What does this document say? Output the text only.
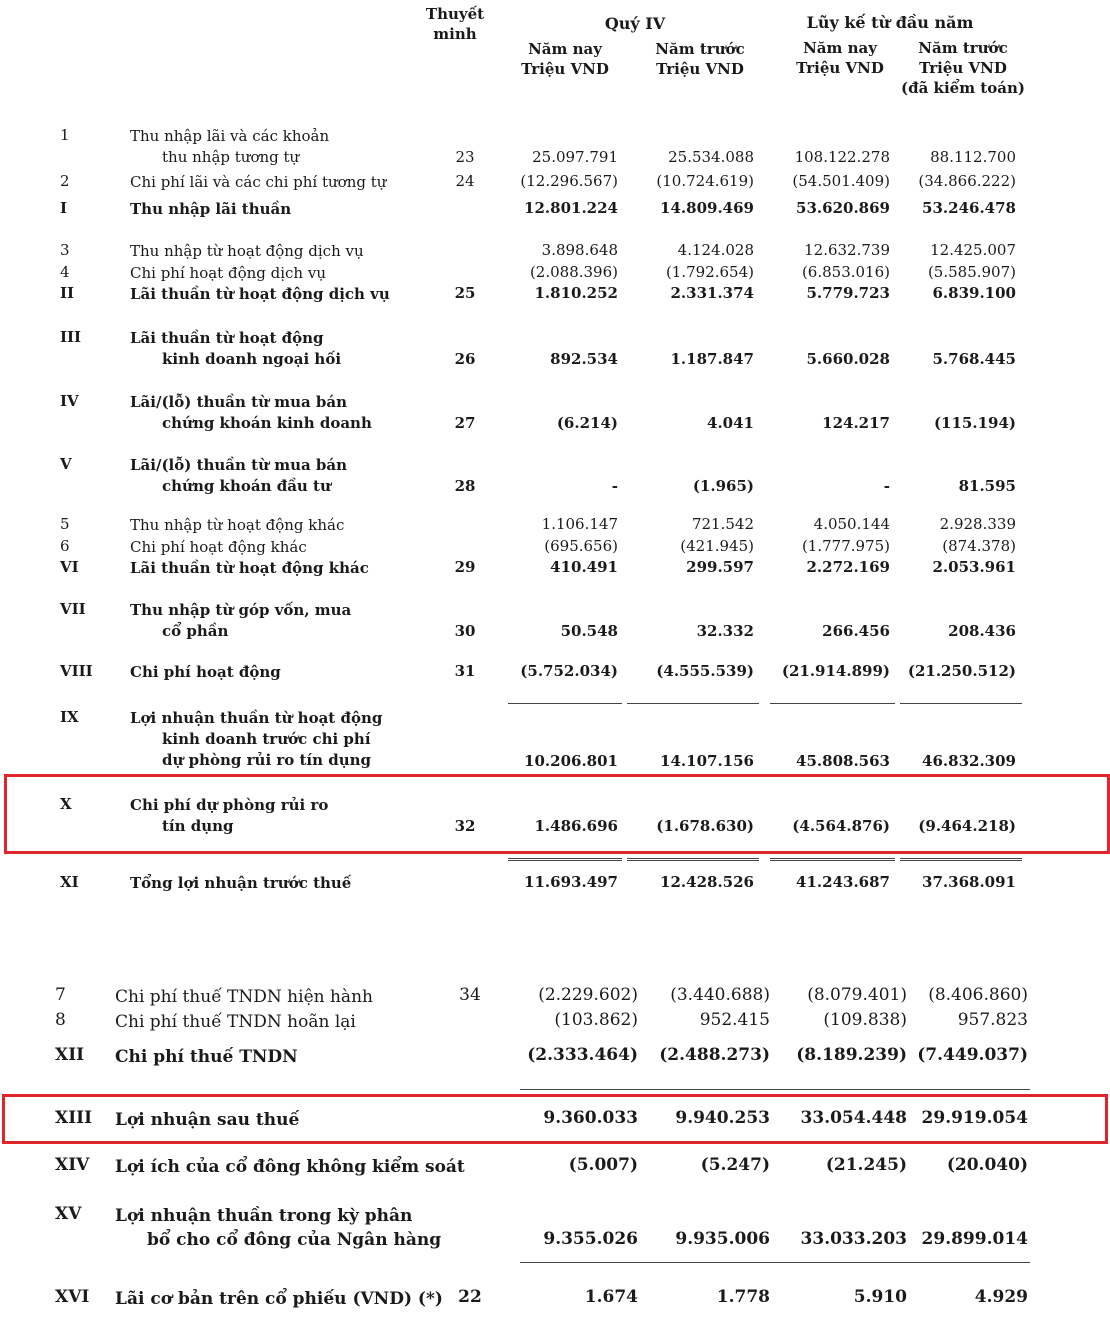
Thuyết
minh
Quý IV	Lũy kế từ đầu năm
Năm nay
Triệu VND
Năm trước
Triệu VND
Năm nay
Triệu VND
Năm trước
Triệu VND
(đã kiểm toán)
1	Thu nhập lãi và các khoản
thu nhập tương tự	23	25.097.791	25.534.088	108.122.278	88.112.700
2	Chi phí lãi và các chi phí tương tự	24	(12.296.567)	(10.724.619)	(54.501.409)	(34.866.222)
I	Thu nhập lãi thuần	12.801.224	14.809.469	53.620.869	53.246.478
3	Thu nhập từ hoạt động dịch vụ	3.898.648	4.124.028	12.632.739	12.425.007
4	Chi phí hoạt động dịch vụ	(2.088.396)	(1.792.654)	(6.853.016)	(5.585.907)
II	Lãi thuần từ hoạt động dịch vụ	25	1.810.252	2.331.374	5.779.723	6.839.100
III	Lãi thuần từ hoạt động
kinh doanh ngoại hối	26	892.534	1.187.847	5.660.028	5.768.445
IV	Lãi/(lỗ) thuần từ mua bán
chứng khoán kinh doanh	27	(6.214)	4.041	124.217	(115.194)
V	Lãi/(lỗ) thuần từ mua bán
chứng khoán đầu tư	28	-	(1.965)	-	81.595
5	Thu nhập từ hoạt động khác	1.106.147	721.542	4.050.144	2.928.339
6	Chi phí hoạt động khác	(695.656)	(421.945)	(1.777.975)	(874.378)
VI	Lãi thuần từ hoạt động khác	29	410.491	299.597	2.272.169	2.053.961
VII	Thu nhập từ góp vốn, mua
cổ phần	30	50.548	32.332	266.456	208.436
VIII Chi phí hoạt động	31	(5.752.034)	(4.555.539)	(21.914.899)	(21.250.512)
IX	Lợi nhuận thuần từ hoạt động
kinh doanh trước chi phí
dự phòng rủi ro tín dụng	10.206.801	14.107.156	45.808.563	46.832.309
X	Chi phí dự phòng rủi ro
tín dụng	32	1.486.696	(1.678.630)	(4.564.876)	(9.464.218)
XI	Tổng lợi nhuận trước thuế	11.693.497	12.428.526	41.243.687	37.368.091
7	Chi phí thuế TNDN hiện hành	34	(2.229.602)	(3.440.688)	(8.079.401)	(8.406.860)
8	Chi phí thuế TNDN hoãn lại	(103.862)	952.415	(109.838)	957.823
XII Chi phí thuế TNDN	(2.333.464)	(2.488.273)	(8.189.239) (7.449.037)
XIII Lợi nhuận sau thuế	9.360.033	9.940.253	33.054.448 29.919.054
XIV Lợi ích của cổ đông không kiểm soát	(5.007)	(5.247)	(21.245)	(20.040)
XV Lợi nhuận thuần trong kỳ phân
bổ cho cổ đông của Ngân hàng	9.355.026	9.935.006	33.033.203 29.899.014
XVI Lãi cơ bản trên cổ phiếu (VND) (*) 22	1.674	1.778	5.910	4.929
